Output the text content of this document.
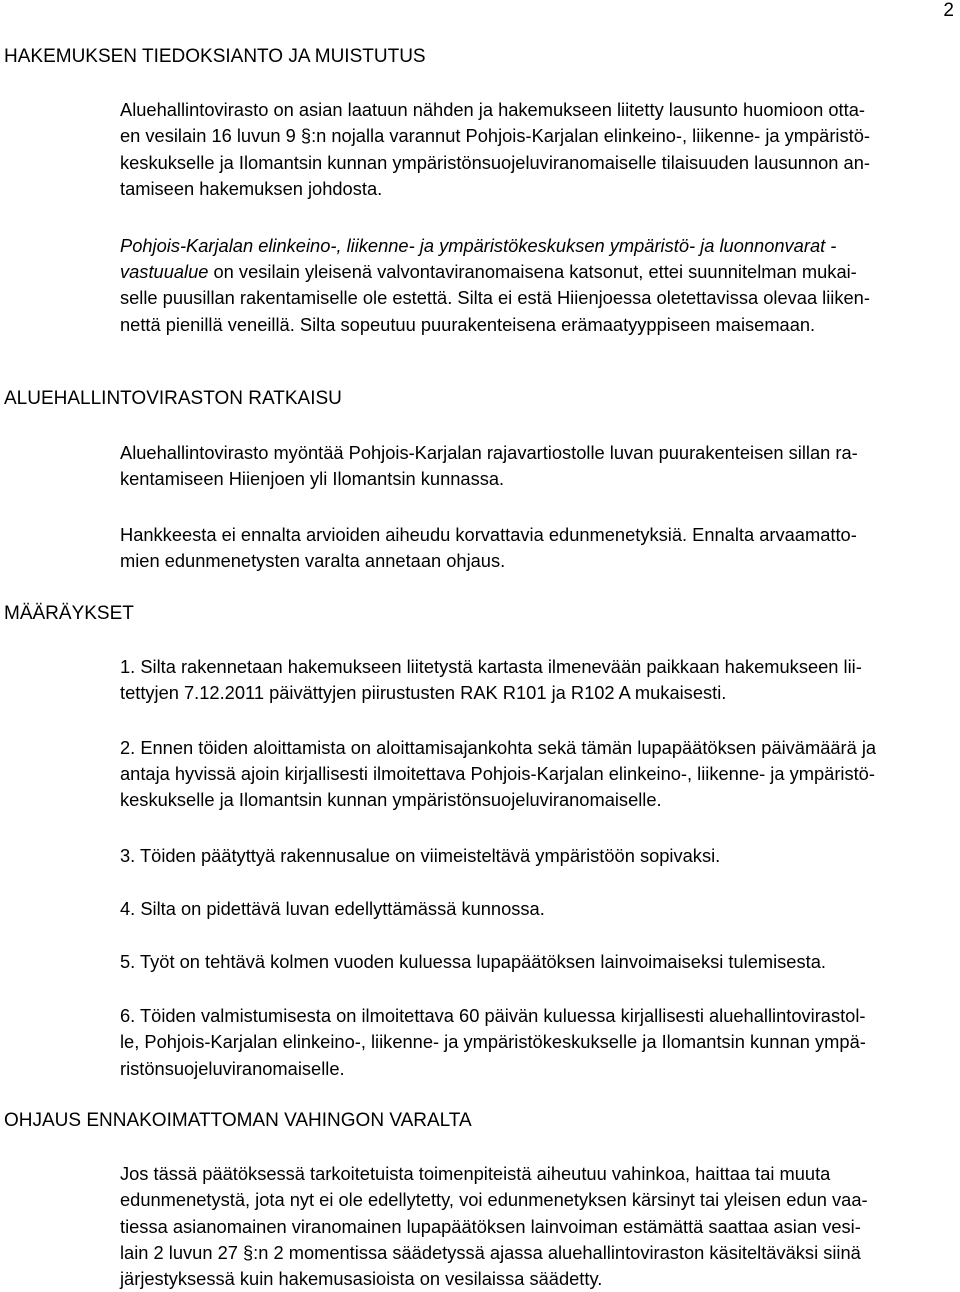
2
HAKEMUKSEN TIEDOKSIANTO JA MUISTUTUS
Aluehallintovirasto on asian laatuun nähden ja hakemukseen liitetty lausunto huomioon otta-
en vesilain 16 luvun 9 §:n nojalla varannut Pohjois-Karjalan elinkeino-, liikenne- ja ympäristö-
keskukselle ja Ilomantsin kunnan ympäristönsuojeluviranomaiselle tilaisuuden lausunnon an-
tamiseen hakemuksen johdosta.
Pohjois-Karjalan elinkeino-, liikenne- ja ympäristökeskuksen ympäristö- ja luonnonvarat -
vastuualue on vesilain yleisenä valvontaviranomaisena katsonut, ettei suunnitelman mukai-
selle puusillan rakentamiselle ole estettä. Silta ei estä Hiienjoessa oletettavissa olevaa liiken-
nettä pienillä veneillä. Silta sopeutuu puurakenteisena erämaatyyppiseen maisemaan.
ALUEHALLINTOVIRASTON RATKAISU
Aluehallintovirasto myöntää Pohjois-Karjalan rajavartiostolle luvan puurakenteisen sillan ra-
kentamiseen Hiienjoen yli Ilomantsin kunnassa.
Hankkeesta ei ennalta arvioiden aiheudu korvattavia edunmenetyksiä. Ennalta arvaamatto-
mien edunmenetysten varalta annetaan ohjaus.
MÄÄRÄYKSET
1. Silta rakennetaan hakemukseen liitetystä kartasta ilmenevään paikkaan hakemukseen lii-
tettyjen 7.12.2011 päivättyjen piirustusten RAK R101 ja R102 A mukaisesti.
2. Ennen töiden aloittamista on aloittamisajankohta sekä tämän lupapäätöksen päivämäärä ja
antaja hyvissä ajoin kirjallisesti ilmoitettava Pohjois-Karjalan elinkeino-, liikenne- ja ympäristö-
keskukselle ja Ilomantsin kunnan ympäristönsuojeluviranomaiselle.
3. Töiden päätyttyä rakennusalue on viimeisteltävä ympäristöön sopivaksi.
4. Silta on pidettävä luvan edellyttämässä kunnossa.
5. Työt on tehtävä kolmen vuoden kuluessa lupapäätöksen lainvoimaiseksi tulemisesta.
6. Töiden valmistumisesta on ilmoitettava 60 päivän kuluessa kirjallisesti aluehallintovirastol-
le, Pohjois-Karjalan elinkeino-, liikenne- ja ympäristökeskukselle ja Ilomantsin kunnan ympä-
ristönsuojeluviranomaiselle.
OHJAUS ENNAKOIMATTOMAN VAHINGON VARALTA
Jos tässä päätöksessä tarkoitetuista toimenpiteistä aiheutuu vahinkoa, haittaa tai muuta
edunmenetystä, jota nyt ei ole edellytetty, voi edunmenetyksen kärsinyt tai yleisen edun vaa-
tiessa asianomainen viranomainen lupapäätöksen lainvoiman estämättä saattaa asian vesi-
lain 2 luvun 27 §:n 2 momentissa säädetyssä ajassa aluehallintoviraston käsiteltäväksi siinä
järjestyksessä kuin hakemusasioista on vesilaissa säädetty.
